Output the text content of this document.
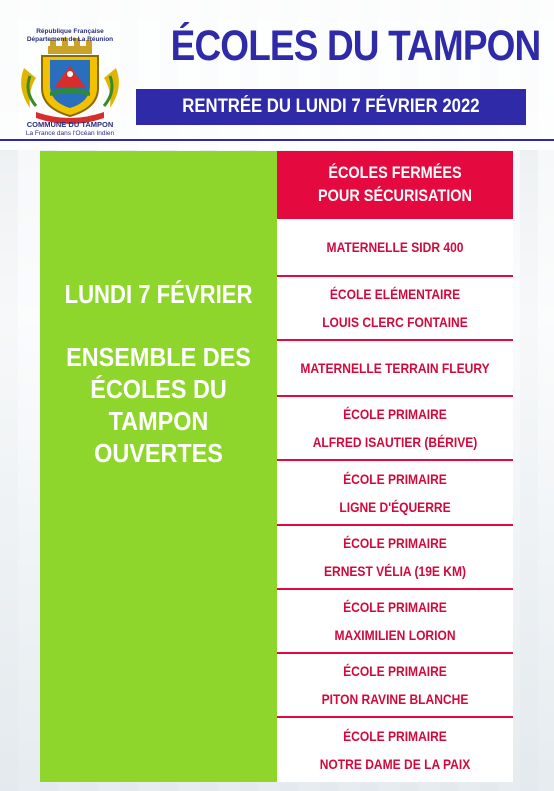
République Française
Département de La Réunion
COMMUNE DU TAMPON
La France dans l'Océan Indien
ÉCOLES DU TAMPON
RENTRÉE DU LUNDI 7 FÉVRIER 2022
LUNDI 7 FÉVRIER
ENSEMBLE DES
ÉCOLES DU
TAMPON
OUVERTES
ÉCOLES FERMÉES
POUR SÉCURISATION
MATERNELLE SIDR 400
ÉCOLE ELÉMENTAIRE
LOUIS CLERC FONTAINE
MATERNELLE TERRAIN FLEURY
ÉCOLE PRIMAIRE
ALFRED ISAUTIER (BÉRIVE)
ÉCOLE PRIMAIRE
LIGNE D'ÉQUERRE
ÉCOLE PRIMAIRE
ERNEST VÉLIA (19E KM)
ÉCOLE PRIMAIRE
MAXIMILIEN LORION
ÉCOLE PRIMAIRE
PITON RAVINE BLANCHE
ÉCOLE PRIMAIRE
NOTRE DAME DE LA PAIX
